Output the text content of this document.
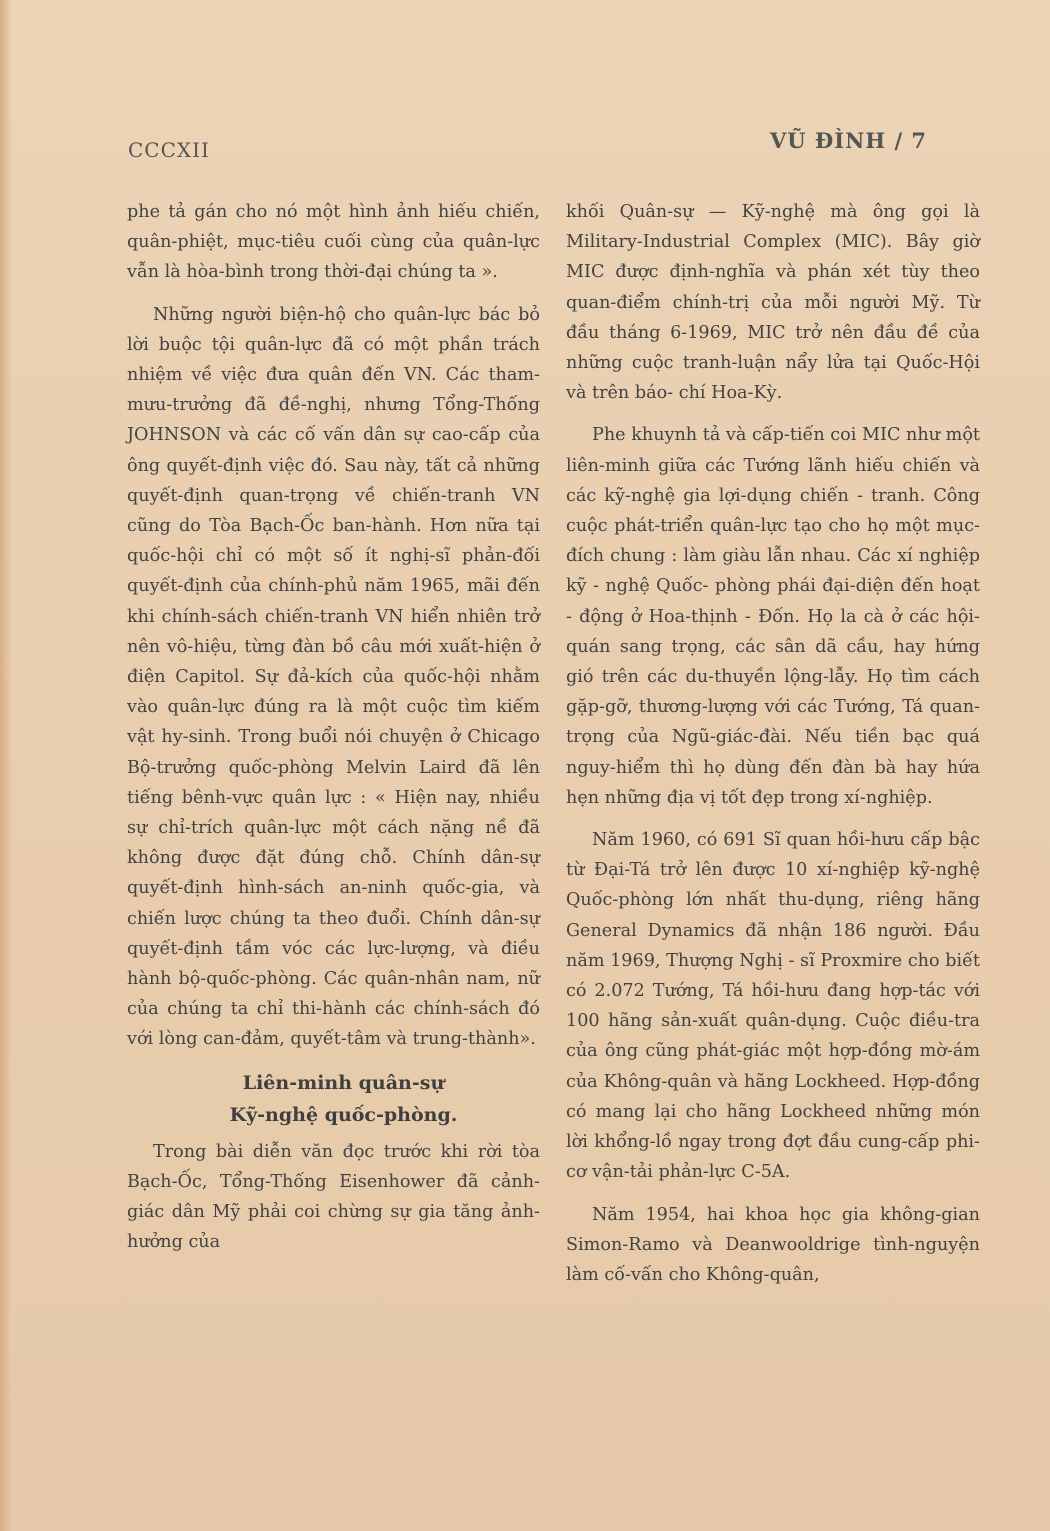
CCCXII	VŨ ĐÌNH / 7

phe tả gán cho nó một hình ảnh hiếu chiến, quân-phiệt, mục-tiêu cuối cùng của quân-lực vẫn là hòa-bình trong thời-đại chúng ta ».

Những người biện-hộ cho quân-lực bác bỏ lời buộc tội quân-lực đã có một phần trách nhiệm về việc đưa quân đến VN. Các tham-mưu-trưởng đã đề-nghị, nhưng Tổng-Thống JOHNSON và các cố vấn dân sự cao-cấp của ông quyết-định việc đó. Sau này, tất cả những quyết-định quan-trọng về chiến-tranh VN cũng do Tòa Bạch-Ốc ban-hành. Hơn nữa tại quốc-hội chỉ có một số ít nghị-sĩ phản-đối quyết-định của chính-phủ năm 1965, mãi đến khi chính-sách chiến-tranh VN hiển nhiên trở nên vô-hiệu, từng đàn bồ câu mới xuất-hiện ở điện Capitol. Sự đả-kích của quốc-hội nhằm vào quân-lực đúng ra là một cuộc tìm kiếm vật hy-sinh. Trong buổi nói chuyện ở Chicago Bộ-trưởng quốc-phòng Melvin Laird đã lên tiếng bênh-vực quân lực : « Hiện nay, nhiều sự chỉ-trích quân-lực một cách nặng nề đã không được đặt đúng chỗ. Chính dân-sự quyết-định hình-sách an-ninh quốc-gia, và chiến lược chúng ta theo đuổi. Chính dân-sự quyết-định tầm vóc các lực-lượng, và điều hành bộ-quốc-phòng. Các quân-nhân nam, nữ của chúng ta chỉ thi-hành các chính-sách đó với lòng can-đảm, quyết-tâm và trung-thành».

Liên-minh quân-sự
Kỹ-nghệ quốc-phòng.

Trong bài diễn văn đọc trước khi rời tòa Bạch-Ốc, Tổng-Thống Eisenhower đã cảnh-giác dân Mỹ phải coi chừng sự gia tăng ảnh-hưởng của

khối Quân-sự — Kỹ-nghệ mà ông gọi là Military-Industrial Complex (MIC). Bây giờ MIC được định-nghĩa và phán xét tùy theo quan-điểm chính-trị của mỗi người Mỹ. Từ đầu tháng 6-1969, MIC trở nên đầu đề của những cuộc tranh-luận nẩy lửa tại Quốc-Hội và trên báo- chí Hoa-Kỳ.

Phe khuynh tả và cấp-tiến coi MIC như một liên-minh giữa các Tướng lãnh hiếu chiến và các kỹ-nghệ gia lợi-dụng chiến - tranh. Công cuộc phát-triển quân-lực tạo cho họ một mục-đích chung : làm giàu lẫn nhau. Các xí nghiệp kỹ - nghệ Quốc- phòng phái đại-diện đến hoạt - động ở Hoa-thịnh - Đốn. Họ la cà ở các hội-quán sang trọng, các sân dã cầu, hay hứng gió trên các du-thuyền lộng-lẫy. Họ tìm cách gặp-gỡ, thương-lượng với các Tướng, Tá quan-trọng của Ngũ-giác-đài. Nếu tiền bạc quá nguy-hiểm thì họ dùng đến đàn bà hay hứa hẹn những địa vị tốt đẹp trong xí-nghiệp.

Năm 1960, có 691 Sĩ quan hồi-hưu cấp bậc từ Đại-Tá trở lên được 10 xí-nghiệp kỹ-nghệ Quốc-phòng lớn nhất thu-dụng, riêng hãng General Dynamics đã nhận 186 người. Đầu năm 1969, Thượng Nghị - sĩ Proxmire cho biết có 2.072 Tướng, Tá hồi-hưu đang hợp-tác với 100 hãng sản-xuất quân-dụng. Cuộc điều-tra của ông cũng phát-giác một hợp-đồng mờ-ám của Không-quân và hãng Lockheed. Hợp-đồng có mang lại cho hãng Lockheed những món lời khổng-lồ ngay trong đợt đầu cung-cấp phi-cơ vận-tải phản-lực C-5A.

Năm 1954, hai khoa học gia không-gian Simon-Ramo và Deanwooldrige tình-nguyện làm cố-vấn cho Không-quân,
